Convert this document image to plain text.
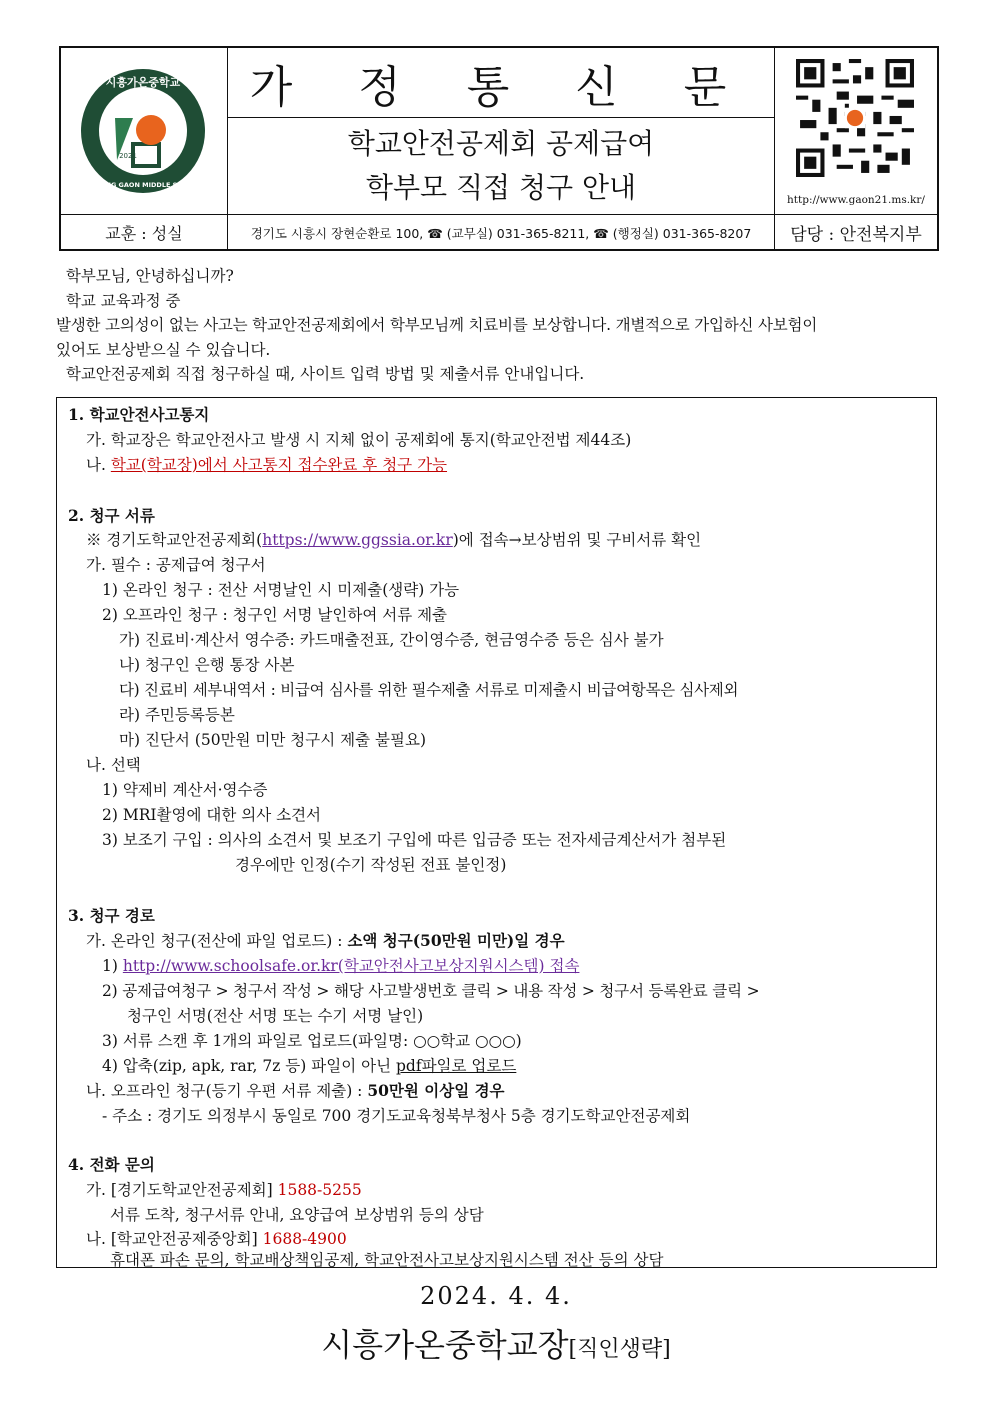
시흥가온중학교
2021
SIHEUNG GAON MIDDLE SCHOOL
가 정 통 신 문
학교안전공제회 공제급여
학부모 직접 청구 안내	http://www.gaon21.ms.kr/
교훈 : 성실	경기도 시흥시 장현순환로 100, ☎ (교무실) 031-365-8211, ☎ (행정실) 031-365-8207	담당 : 안전복지부

학부모님, 안녕하십니까?

학교 교육과정 중

발생한 고의성이 없는 사고는 학교안전공제회에서 학부모님께 치료비를 보상합니다. 개별적으로 가입하신 사보험이

있어도 보상받으실 수 있습니다.

학교안전공제회 직접 청구하실 때, 사이트 입력 방법 및 제출서류 안내입니다.

1. 학교안전사고통지
가. 학교장은 학교안전사고 발생 시 지체 없이 공제회에 통지(학교안전법 제44조)
나. 학교(학교장)에서 사고통지 접수완료 후 청구 가능
2. 청구 서류
※ 경기도학교안전공제회(https://www.ggssia.or.kr)에 접속→보상범위 및 구비서류 확인
가. 필수 : 공제급여 청구서
1) 온라인 청구 : 전산 서명날인 시 미제출(생략) 가능
2) 오프라인 청구 : 청구인 서명 날인하여 서류 제출
가) 진료비·계산서 영수증: 카드매출전표, 간이영수증, 현금영수증 등은 심사 불가
나) 청구인 은행 통장 사본
다) 진료비 세부내역서 : 비급여 심사를 위한 필수제출 서류로 미제출시 비급여항목은 심사제외
라) 주민등록등본
마) 진단서 (50만원 미만 청구시 제출 불필요)
나. 선택
1) 약제비 계산서·영수증
2) MRI촬영에 대한 의사 소견서
3) 보조기 구입 : 의사의 소견서 및 보조기 구입에 따른 입금증 또는 전자세금계산서가 첨부된
경우에만 인정(수기 작성된 전표 불인정)
3. 청구 경로
가. 온라인 청구(전산에 파일 업로드) : 소액 청구(50만원 미만)일 경우
1) http://www.schoolsafe.or.kr(학교안전사고보상지원시스템) 접속
2) 공제급여청구 > 청구서 작성 > 해당 사고발생번호 클릭 > 내용 작성 > 청구서 등록완료 클릭 >
청구인 서명(전산 서명 또는 수기 서명 날인)
3) 서류 스캔 후 1개의 파일로 업로드(파일명: ○○학교 ○○○)
4) 압축(zip, apk, rar, 7z 등) 파일이 아닌 pdf파일로 업로드
나. 오프라인 청구(등기 우편 서류 제출) : 50만원 이상일 경우
- 주소 : 경기도 의정부시 동일로 700 경기도교육청북부청사 5층 경기도학교안전공제회
4. 전화 문의
가. [경기도학교안전공제회] 1588-5255
서류 도착, 청구서류 안내, 요양급여 보상범위 등의 상담
나. [학교안전공제중앙회] 1688-4900
휴대폰 파손 문의, 학교배상책임공제, 학교안전사고보상지원시스템 전산 등의 상담
2024. 4. 4.
시흥가온중학교장[직인생략]
